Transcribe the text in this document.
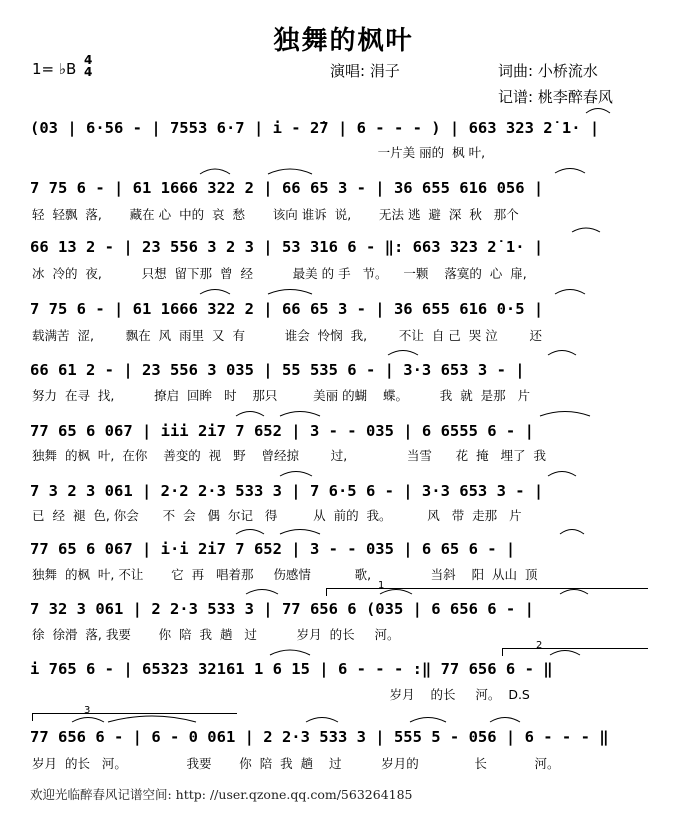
独舞的枫叶
1= ♭B 4
4	演唱: 涓子	词曲: 小桥流水
记谱: 桃李醉春风
(03 | 6·56 - | 7553 6·7 | i - 2̇7 | 6 - - - ) | 663 323 2̇ 1· |
一片美 丽的  枫 叶,
7 75 6 - | 61 1666 322 2 | 66 65 3 - | 36 655 616 056 |
轻  轻飘  落,       藏在 心  中的  哀  愁       该向 谁诉  说,       无法 逃  避  深  秋   那个
66 13 2 - | 23 556 3 2 3 | 53 316 6 - ‖: 663 323 2̇ 1· |
冰  冷的  夜,          只想  留下那  曾  经          最美 的 手   节。    一颗    落寞的  心  扉,
7 75 6 - | 61 1666 322 2 | 66 65 3 - | 36 655 616 0·5 |
载满苦  涩,        飘在  风  雨里  又  有          谁会  怜悯  我,        不让  自 己  哭 泣        还
66 61 2 - | 23 556 3 035 | 55 535 6 - | 3·3 653 3 - |
努力  在寻  找,          撩启  回眸   时    那只         美丽 的蝴    蝶。        我  就  是那   片
77 65 6 067 | iii 2i7 7 652 | 3 - - 035 | 6 6555 6 - |
独舞  的枫  叶,  在你    善变的  视   野    曾经掠        过,               当雪      花  掩   埋了  我
7 3 2 3 061 | 2·2 2·3 533 3 | 7 6·5 6 - | 3·3 653 3 - |
已  经  褪  色, 你会      不  会   偶  尔记   得         从  前的  我。         风   带  走那   片
77 65 6 067 | i·i 2i7 7 652 | 3 - - 035 | 6 65 6 - |
独舞  的枫  叶, 不让       它  再   唱着那     伤感情           歌,               当斜    阳  从山  顶
7 32 3 061 | 2 2·3 533 3 | 77 656 6 (035 | 6 656 6 - |
徐  徐滑  落, 我要       你  陪  我  趟   过          岁月  的长     河。
i 765 6 - | 65323 32161 1 6 15 | 6 - - - :‖ 77 656 6 - ‖
岁月    的长     河。  D.S
77 656 6 - | 6 - 0 061 | 2 2·3 533 3 | 555 5 - 056 | 6 - - - ‖
岁月  的长   河。               我要       你  陪  我  趟    过          岁月的              长            河。
1
2
3
欢迎光临醉春风记谱空间: http: //user.qzone.qq.com/563264185
